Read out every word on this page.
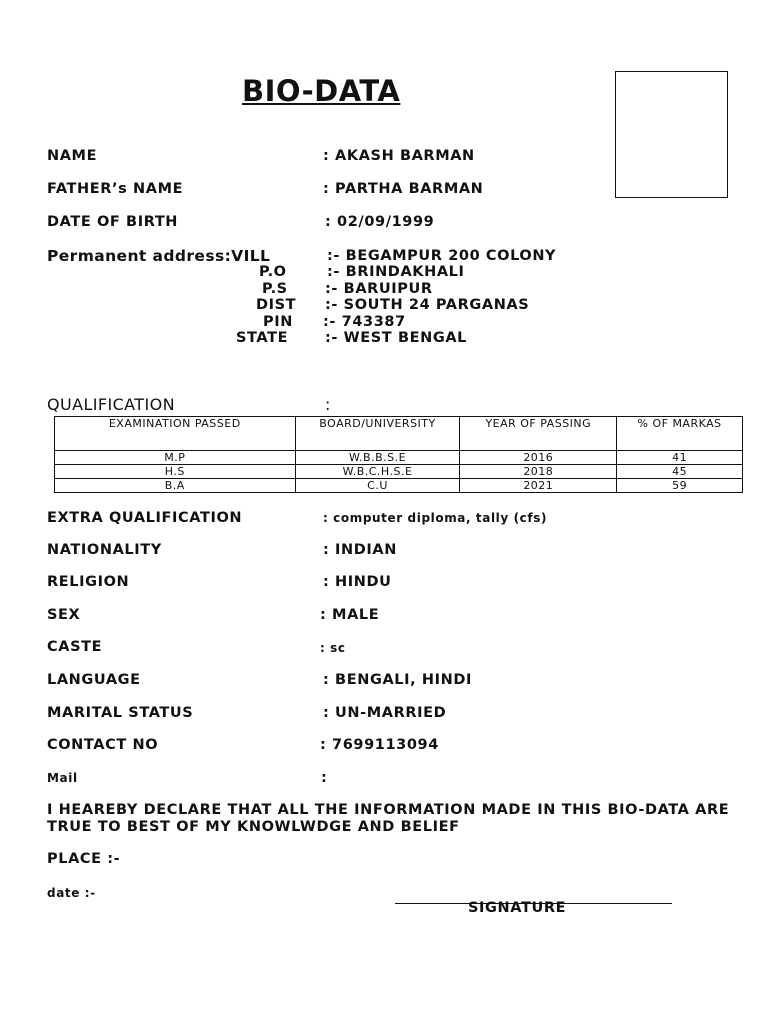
BIO-DATA
NAME	: AKASH BARMAN
FATHER’s NAME	: PARTHA BARMAN
DATE OF BIRTH	: 02/09/1999
Permanent address:VILL	:- BEGAMPUR 200 COLONY
P.O	:- BRINDAKHALI
P.S	:- BARUIPUR
DIST :- SOUTH 24 PARGANAS
PIN :- 743387
STATE	:- WEST BENGAL
QUALIFICATION	:
EXAMINATION PASSED	BOARD/UNIVERSITY	YEAR OF PASSING	% OF MARKAS
M.P	W.B.B.S.E	2016	41
H.S	W.B.C.H.S.E	2018	45
B.A	C.U	2021	59
EXTRA QUALIFICATION	: computer diploma, tally (cfs)
NATIONALITY	: INDIAN
RELIGION	: HINDU
SEX	: MALE
CASTE	: sc
LANGUAGE	: BENGALI, HINDI
MARITAL STATUS	: UN-MARRIED
CONTACT NO	: 7699113094
Mail	:
I HEAREBY DECLARE THAT ALL THE INFORMATION MADE IN THIS BIO-DATA ARE TRUE TO BEST OF MY KNOWLWDGE AND BELIEF
PLACE :-
date :-
SIGNATURE
